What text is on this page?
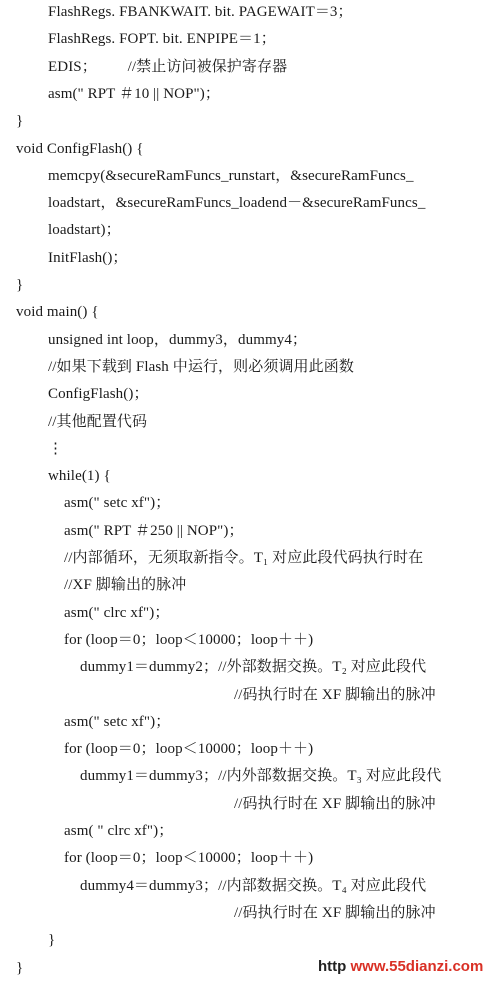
FlashRegs. FBANKWAIT. bit. PAGEWAIT＝3；
FlashRegs. FOPT. bit. ENPIPE＝1；
EDIS；        //禁止访问被保护寄存器
asm(" RPT ＃10 || NOP")；
}
void ConfigFlash() {
memcpy(&secureRamFuncs_runstart，&secureRamFuncs_
loadstart，&secureRamFuncs_loadend－&secureRamFuncs_
loadstart)；
InitFlash()；
}
void main() {
unsigned int loop，dummy3，dummy4；
//如果下载到 Flash 中运行，则必须调用此函数
ConfigFlash()；
//其他配置代码
⋮
while(1) {
asm(" setc xf")；
asm(" RPT ＃250 || NOP")；
//内部循环，无须取新指令。T₁ 对应此段代码执行时在
//XF 脚输出的脉冲
asm(" clrc xf")；
for (loop＝0；loop＜10000；loop＋＋)
dummy1＝dummy2；//外部数据交换。T₂ 对应此段代
//码执行时在 XF 脚输出的脉冲
asm(" setc xf")；
for (loop＝0；loop＜10000；loop＋＋)
dummy1＝dummy3；//内外部数据交换。T₃ 对应此段代
//码执行时在 XF 脚输出的脉冲
asm( " clrc xf")；
for (loop＝0；loop＜10000；loop＋＋)
dummy4＝dummy3；//内部数据交换。T₄ 对应此段代
//码执行时在 XF 脚输出的脉冲
}
}	http www.55dianzi.com
